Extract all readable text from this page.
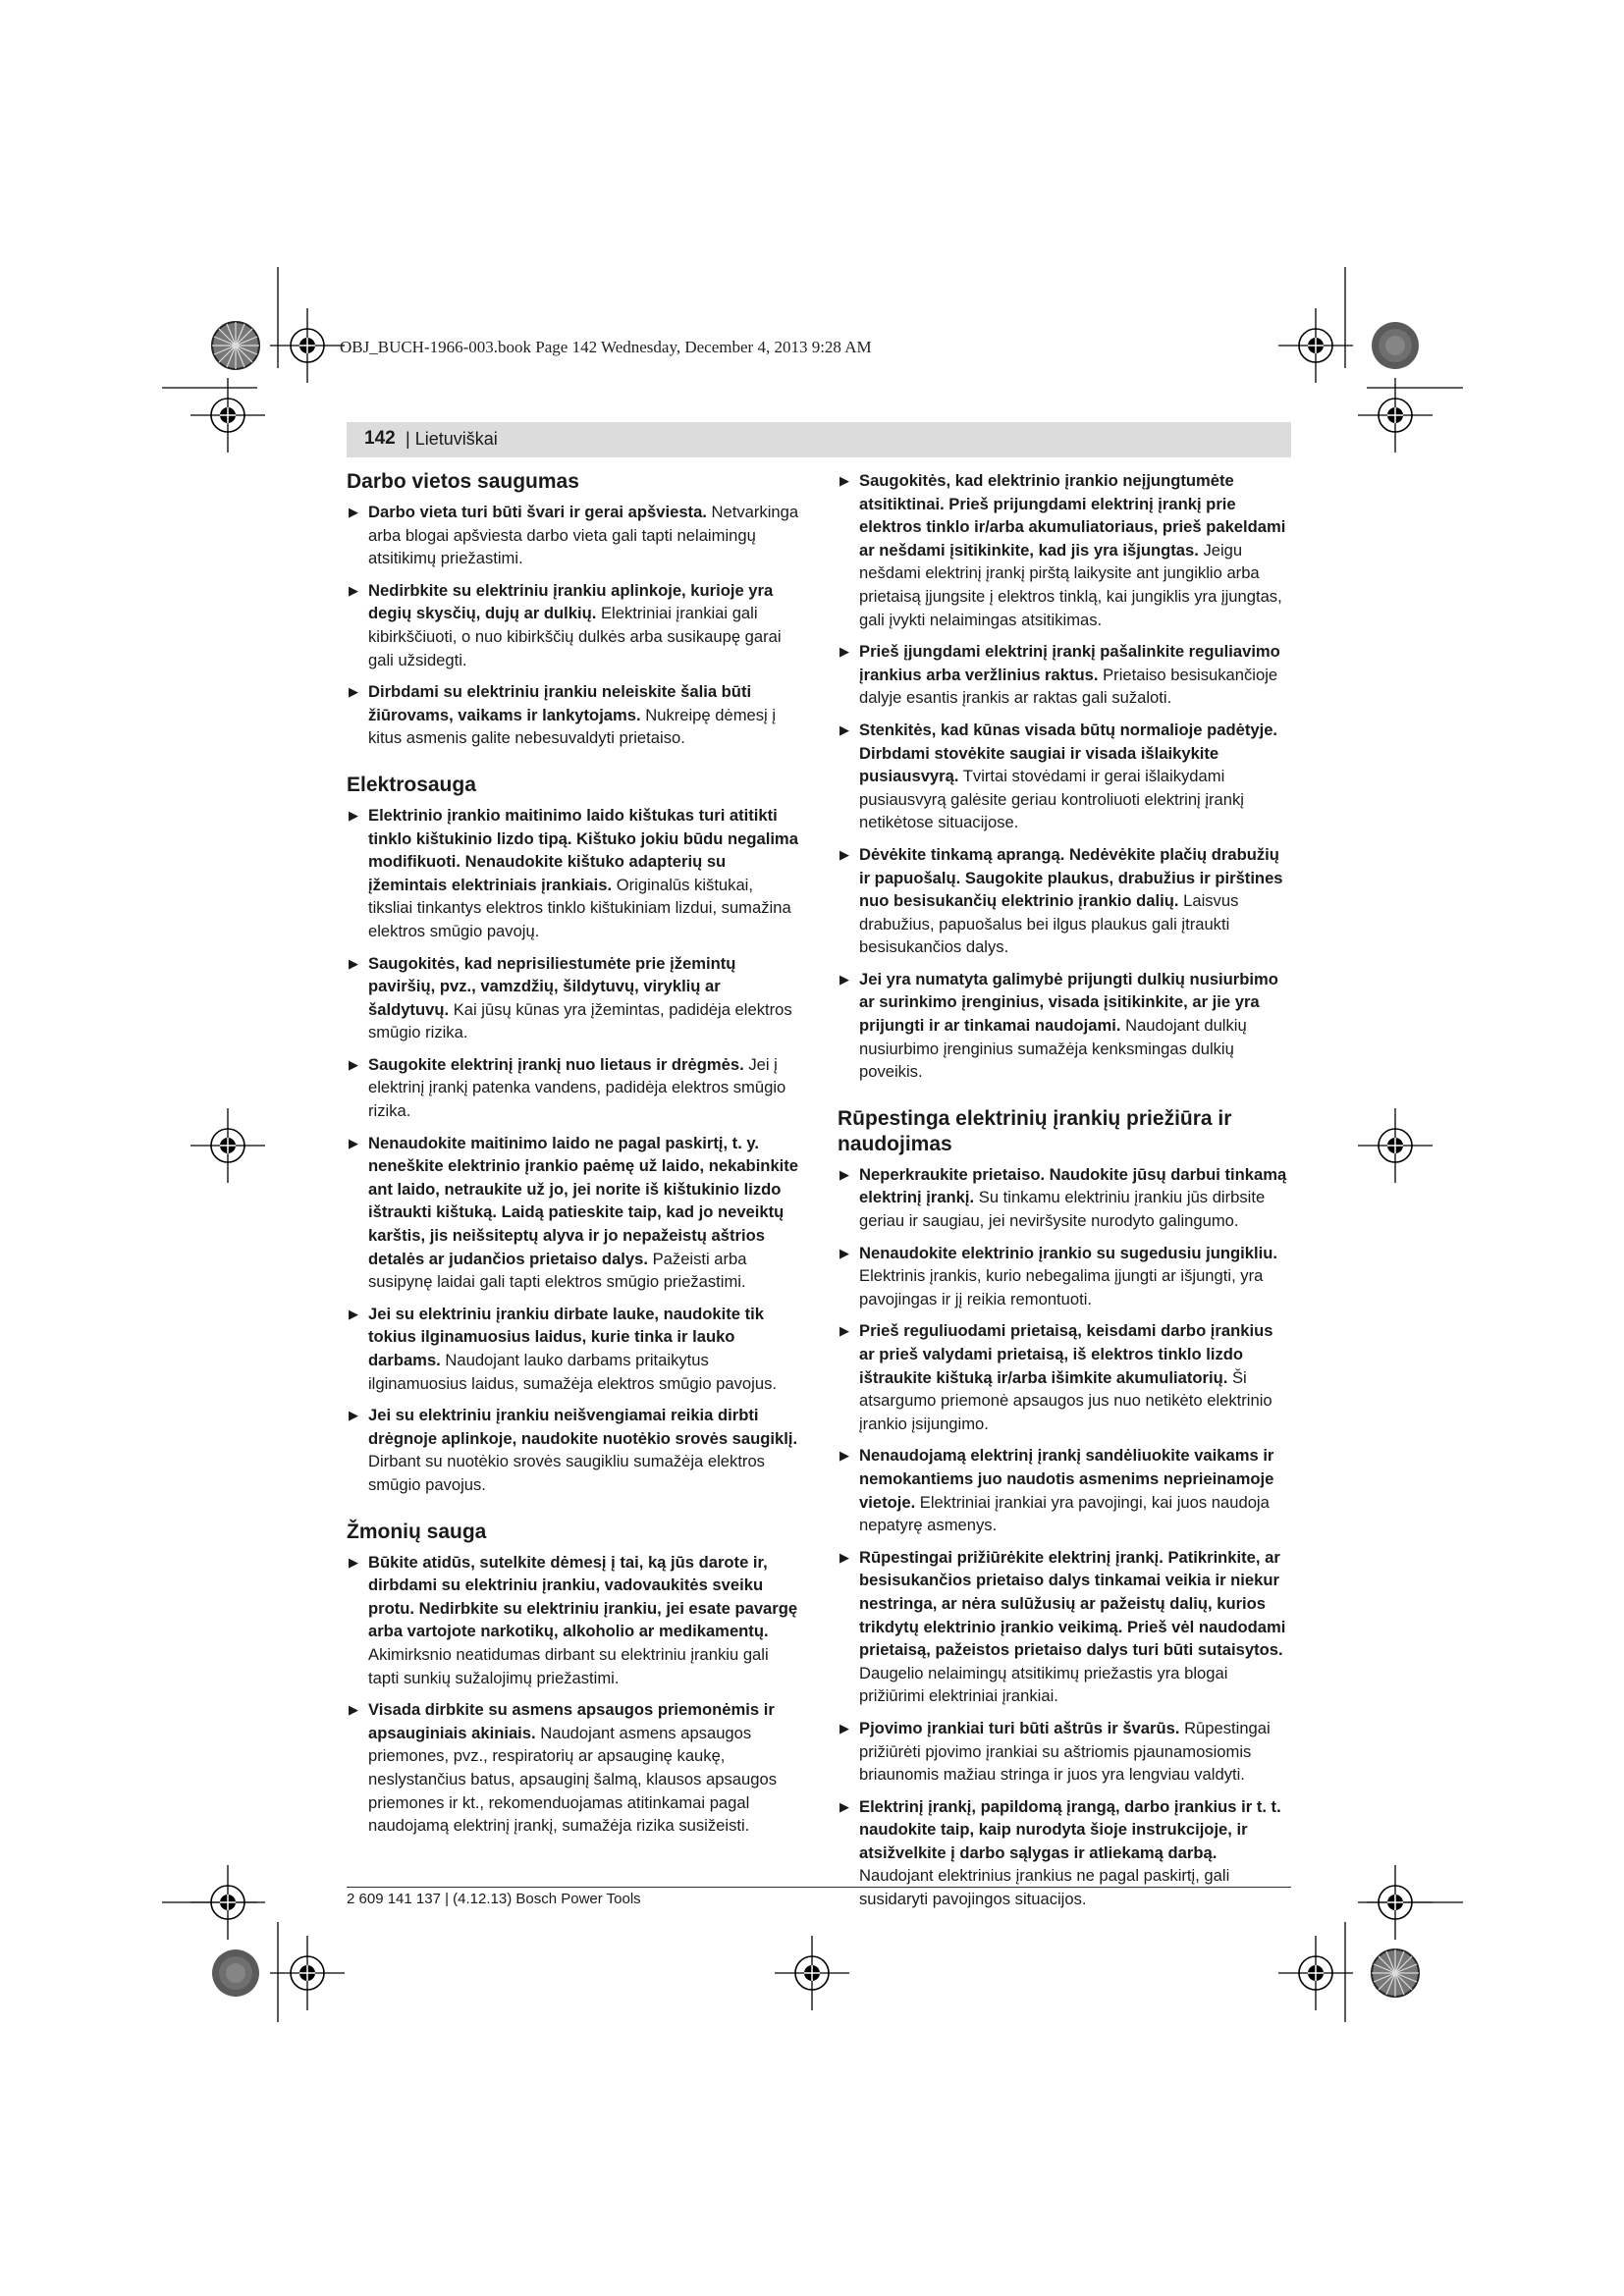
OBJ_BUCH-1966-003.book Page 142 Wednesday, December 4, 2013 9:28 AM
142 | Lietuviškai
Darbo vietos saugumas
▶ Darbo vieta turi būti švari ir gerai apšviesta. Netvarkinga arba blogai apšviesta darbo vieta gali tapti nelaimingų atsitikimų priežastimi.
▶ Nedirbkite su elektriniu įrankiu aplinkoje, kurioje yra degių skysčių, dujų ar dulkių. Elektriniai įrankiai gali kibirkščiuoti, o nuo kibirkščių dulkės arba susikaupę garai gali užsidegti.
▶ Dirbdami su elektriniu įrankiu neleiskite šalia būti žiūrovams, vaikams ir lankytojams. Nukreipę dėmesį į kitus asmenis galite nebesuvaldyti prietaiso.
Elektrosauga
▶ Elektrinio įrankio maitinimo laido kištukas turi atitikti tinklo kištukinio lizdo tipą. Kištuko jokiu būdu negalima modifikuoti. Nenaudokite kištuko adapterių su įžemintais elektriniais įrankiais. Originalūs kištukai, tiksliai tinkantys elektros tinklo kištukiniam lizdui, sumažina elektros smūgio pavojų.
▶ Saugokitės, kad neprisiliestumėte prie įžemintų paviršių, pvz., vamzdžių, šildytuvų, viryklių ar šaldytuvų. Kai jūsų kūnas yra įžemintas, padidėja elektros smūgio rizika.
▶ Saugokite elektrinį įrankį nuo lietaus ir drėgmės. Jei į elektrinį įrankį patenka vandens, padidėja elektros smūgio rizika.
▶ Nenaudokite maitinimo laido ne pagal paskirtį, t. y. neneškite elektrinio įrankio paėmę už laido, nekabinkite ant laido, netraukite už jo, jei norite iš kištukinio lizdo ištraukti kištuką. Laidą patieskite taip, kad jo neveiktų karštis, jis neišsiteptų alyva ir jo nepažeistų aštrios detalės ar judančios prietaiso dalys. Pažeisti arba susipynę laidai gali tapti elektros smūgio priežastimi.
▶ Jei su elektriniu įrankiu dirbate lauke, naudokite tik tokius ilginamuosius laidus, kurie tinka ir lauko darbams. Naudojant lauko darbams pritaikytus ilginamuosius laidus, sumažėja elektros smūgio pavojus.
▶ Jei su elektriniu įrankiu neišvengiamai reikia dirbti drėgnoje aplinkoje, naudokite nuotėkio srovės saugiklį. Dirbant su nuotėkio srovės saugikliu sumažėja elektros smūgio pavojus.
Žmonių sauga
▶ Būkite atidūs, sutelkite dėmesį į tai, ką jūs darote ir, dirbdami su elektriniu įrankiu, vadovaukitės sveiku protu. Nedirbkite su elektriniu įrankiu, jei esate pavargę arba vartojote narkotikų, alkoholio ar medikamentų. Akimirksnio neatidumas dirbant su elektriniu įrankiu gali tapti sunkių sužalojimų priežastimi.
▶ Visada dirbkite su asmens apsaugos priemonėmis ir apsauginiais akiniais. Naudojant asmens apsaugos priemones, pvz., respiratorių ar apsauginę kaukę, neslystančius batus, apsauginį šalmą, klausos apsaugos priemones ir kt., rekomenduojamas atitinkamai pagal naudojamą elektrinį įrankį, sumažėja rizika susižeisti.
▶ Saugokitės, kad elektrinio įrankio neįjungtumėte atsitiktinai. Prieš prijungdami elektrinį įrankį prie elektros tinklo ir/arba akumuliatoriaus, prieš pakeldami ar nešdami įsitikinkite, kad jis yra išjungtas. Jeigu nešdami elektrinį įrankį pirštą laikysite ant jungiklio arba prietaisą įjungsite į elektros tinklą, kai jungiklis yra įjungtas, gali įvykti nelaimingas atsitikimas.
▶ Prieš įjungdami elektrinį įrankį pašalinkite reguliavimo įrankius arba veržlinius raktus. Prietaiso besisukančioje dalyje esantis įrankis ar raktas gali sužaloti.
▶ Stenkitės, kad kūnas visada būtų normalioje padėtyje. Dirbdami stovėkite saugiai ir visada išlaikykite pusiausvyrą. Tvirtai stovėdami ir gerai išlaikydami pusiausvyrą galėsite geriau kontroliuoti elektrinį įrankį netikėtose situacijose.
▶ Dėvėkite tinkamą aprangą. Nedėvėkite plačių drabužių ir papuošalų. Saugokite plaukus, drabužius ir pirštines nuo besisukančių elektrinio įrankio dalių. Laisvus drabužius, papuošalus bei ilgus plaukus gali įtraukti besisukančios dalys.
▶ Jei yra numatyta galimybė prijungti dulkių nusiurbimo ar surinkimo įrenginius, visada įsitikinkite, ar jie yra prijungti ir ar tinkamai naudojami. Naudojant dulkių nusiurbimo įrenginius sumažėja kenksmingas dulkių poveikis.
Rūpestinga elektrinių įrankių priežiūra ir naudojimas
▶ Neperkraukite prietaiso. Naudokite jūsų darbui tinkamą elektrinį įrankį. Su tinkamu elektriniu įrankiu jūs dirbsite geriau ir saugiau, jei neviršysite nurodyto galingumo.
▶ Nenaudokite elektrinio įrankio su sugedusiu jungikliu. Elektrinis įrankis, kurio nebegalima įjungti ar išjungti, yra pavojingas ir jį reikia remontuoti.
▶ Prieš reguliuodami prietaisą, keisdami darbo įrankius ar prieš valydami prietaisą, iš elektros tinklo lizdo ištraukite kištuką ir/arba išimkite akumuliatorių. Ši atsargumo priemonė apsaugos jus nuo netikėto elektrinio įrankio įsijungimo.
▶ Nenaudojamą elektrinį įrankį sandėliuokite vaikams ir nemokantiems juo naudotis asmenims neprieinamoje vietoje. Elektriniai įrankiai yra pavojingi, kai juos naudoja nepatyrę asmenys.
▶ Rūpestingai prižiūrėkite elektrinį įrankį. Patikrinkite, ar besisukančios prietaiso dalys tinkamai veikia ir niekur nestringa, ar nėra sulūžusių ar pažeistų dalių, kurios trikdytų elektrinio įrankio veikimą. Prieš vėl naudodami prietaisą, pažeistos prietaiso dalys turi būti sutaisytos. Daugelio nelaimingų atsitikimų priežastis yra blogai prižiūrimi elektriniai įrankiai.
▶ Pjovimo įrankiai turi būti aštrūs ir švarūs. Rūpestingai prižiūrėti pjovimo įrankiai su aštriomis pjaunamosiomis briaunomis mažiau stringa ir juos yra lengviau valdyti.
▶ Elektrinį įrankį, papildomą įrangą, darbo įrankius ir t. t. naudokite taip, kaip nurodyta šioje instrukcijoje, ir atsižvelkite į darbo sąlygas ir atliekamą darbą. Naudojant elektrinius įrankius ne pagal paskirtį, gali susidaryti pavojingos situacijos.
2 609 141 137 | (4.12.13) Bosch Power Tools
